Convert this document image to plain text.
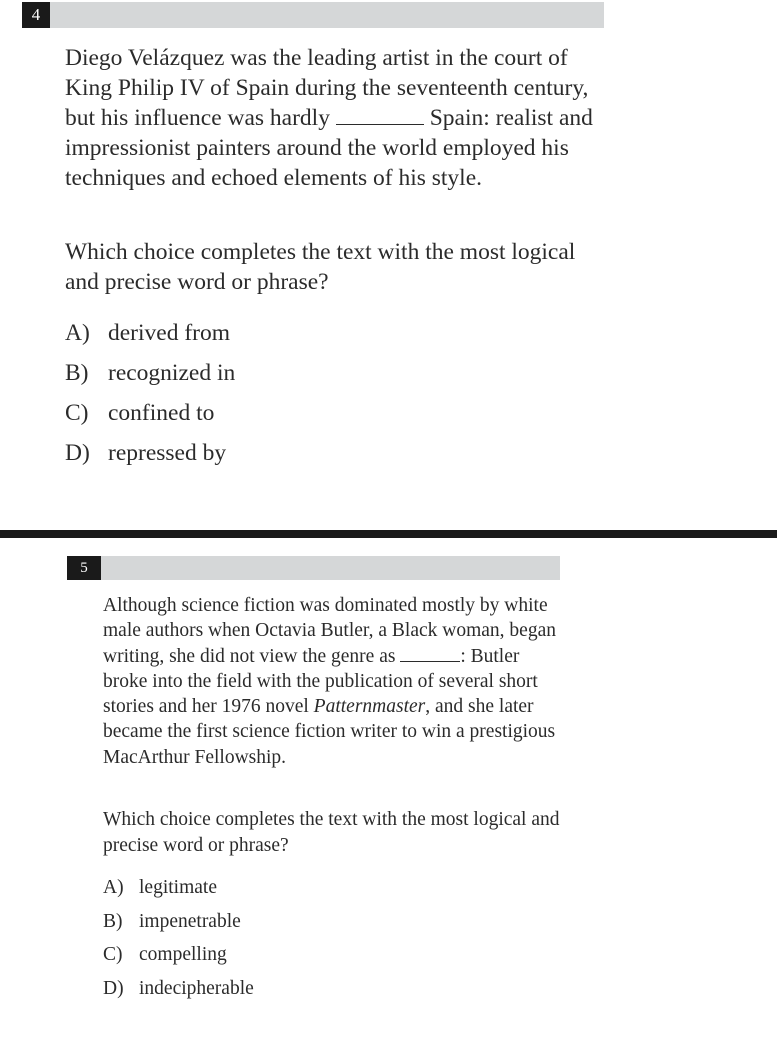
4

Diego Velázquez was the leading artist in the court of King Philip IV of Spain during the seventeenth century, but his influence was hardly	Spain: realist and impressionist painters around the world employed his techniques and echoed elements of his style.

Which choice completes the text with the most logical and precise word or phrase?

A) derived from
B) recognized in
C) confined to
D) repressed by
5

Although science fiction was dominated mostly by white male authors when Octavia Butler, a Black woman, began writing, she did not view the genre as	: Butler broke into the field with the publication of several short stories and her 1976 novel Patternmaster, and she later became the first science fiction writer to win a prestigious MacArthur Fellowship.

Which choice completes the text with the most logical and precise word or phrase?

A) legitimate
B) impenetrable
C) compelling
D) indecipherable
